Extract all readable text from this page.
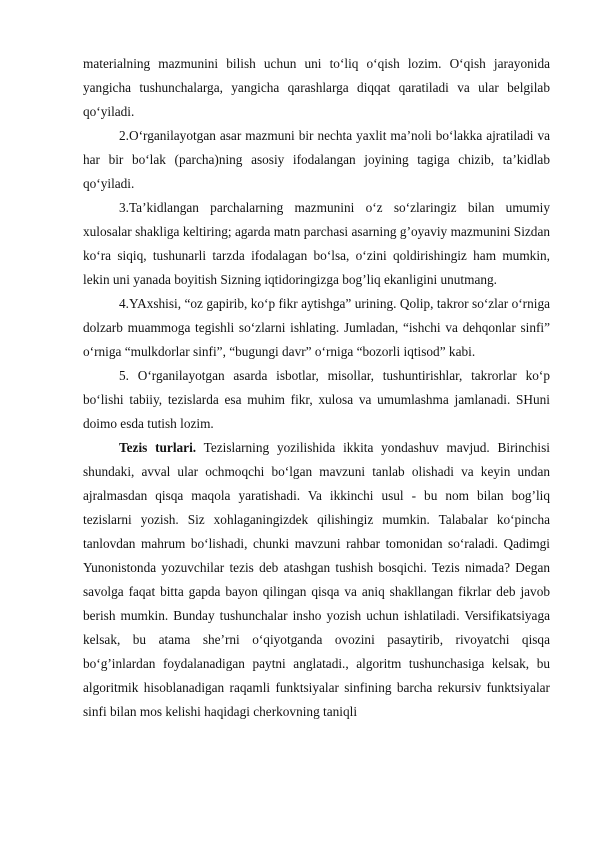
materialning mazmunini bilish uchun uni to‘liq o‘qish lozim. O‘qish jarayonida yangicha tushunchalarga, yangicha qarashlarga diqqat qaratiladi va ular belgilab qo‘yiladi.

2.O‘rganilayotgan asar mazmuni bir nechta yaxlit ma’noli bo‘lakka ajratiladi va har bir bo‘lak (parcha)ning asosiy ifodalangan joyining tagiga chizib, ta’kidlab qo‘yiladi.

3.Ta’kidlangan parchalarning mazmunini o‘z so‘zlaringiz bilan umumiy xulosalar shakliga keltiring; agarda matn parchasi asarning g’oyaviy mazmunini Sizdan ko‘ra siqiq, tushunarli tarzda ifodalagan bo‘lsa, o‘zini qoldirishingiz ham mumkin, lekin uni yanada boyitish Sizning iqtidoringizga bog’liq ekanligini unutmang.

4.YAxshisi, “oz gapirib, ko‘p fikr aytishga” urining. Qolip, takror so‘zlar o‘rniga dolzarb muammoga tegishli so‘zlarni ishlating. Jumladan, “ishchi va dehqonlar sinfi” o‘rniga “mulkdorlar sinfi”, “bugungi davr” o‘rniga “bozorli iqtisod” kabi.

5. O‘rganilayotgan asarda isbotlar, misollar, tushuntirishlar, takrorlar ko‘p bo‘lishi tabiiy, tezislarda esa muhim fikr, xulosa va umumlashma jamlanadi. SHuni doimo esda tutish lozim.

Tezis turlari. Tezislarning yozilishida ikkita yondashuv mavjud. Birinchisi shundaki, avval ular ochmoqchi bo‘lgan mavzuni tanlab olishadi va keyin undan ajralmasdan qisqa maqola yaratishadi. Va ikkinchi usul - bu nom bilan bog’liq tezislarni yozish. Siz xohlaganingizdek qilishingiz mumkin. Talabalar ko‘pincha tanlovdan mahrum bo‘lishadi, chunki mavzuni rahbar tomonidan so‘raladi. Qadimgi Yunonistonda yozuvchilar tezis deb atashgan tushish bosqichi. Tezis nimada? Degan savolga faqat bitta gapda bayon qilingan qisqa va aniq shakllangan fikrlar deb javob berish mumkin. Bunday tushunchalar insho yozish uchun ishlatiladi. Versifikatsiyaga kelsak, bu atama she’rni o‘qiyotganda ovozini pasaytirib, rivoyatchi qisqa bo‘g’inlardan foydalanadigan paytni anglatadi., algoritm tushunchasiga kelsak, bu algoritmik hisoblanadigan raqamli funktsiyalar sinfining barcha rekursiv funktsiyalar sinfi bilan mos kelishi haqidagi cherkovning taniqli
